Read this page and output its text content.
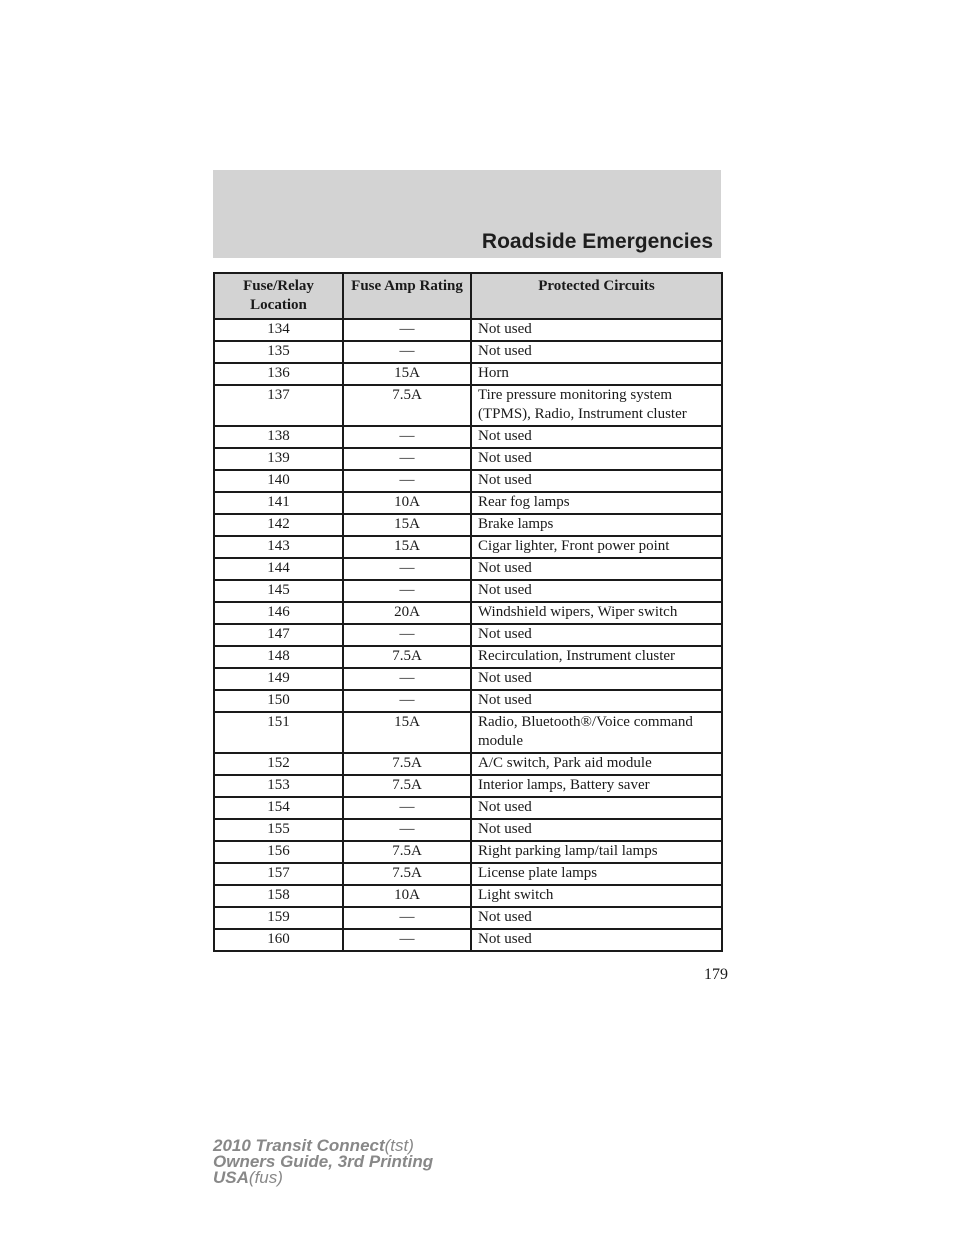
Roadside Emergencies
Fuse/Relay Location	Fuse Amp Rating	Protected Circuits
134	—	Not used
135	—	Not used
136	15A	Horn
137	7.5A	Tire pressure monitoring system (TPMS), Radio, Instrument cluster
138	—	Not used
139	—	Not used
140	—	Not used
141	10A	Rear fog lamps
142	15A	Brake lamps
143	15A	Cigar lighter, Front power point
144	—	Not used
145	—	Not used
146	20A	Windshield wipers, Wiper switch
147	—	Not used
148	7.5A	Recirculation, Instrument cluster
149	—	Not used
150	—	Not used
151	15A	Radio, Bluetooth®/Voice command module
152	7.5A	A/C switch, Park aid module
153	7.5A	Interior lamps, Battery saver
154	—	Not used
155	—	Not used
156	7.5A	Right parking lamp/tail lamps
157	7.5A	License plate lamps
158	10A	Light switch
159	—	Not used
160	—	Not used
179
2010 Transit Connect(tst)
Owners Guide, 3rd Printing
USA(fus)
